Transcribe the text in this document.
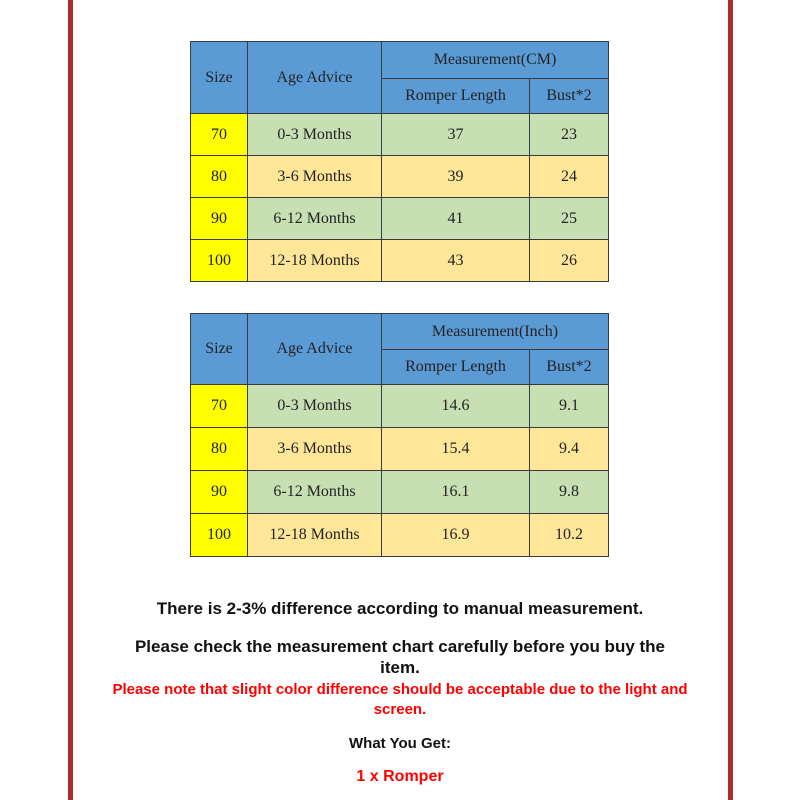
Size	Age Advice	Measurement(CM)	
		Romper Length	Bust*2
70	0-3 Months	37	23
80	3-6 Months	39	24
90	6-12 Months	41	25
100	12-18 Months	43	26
Size	Age Advice	Measurement(Inch)	
		Romper Length	Bust*2
70	0-3 Months	14.6	9.1
80	3-6 Months	15.4	9.4
90	6-12 Months	16.1	9.8
100	12-18 Months	16.9	10.2
There is 2-3% difference according to manual measurement.
Please check the measurement chart carefully before you buy the item.
Please note that slight color difference should be acceptable due to the light and screen.
What You Get:
1 x Romper
